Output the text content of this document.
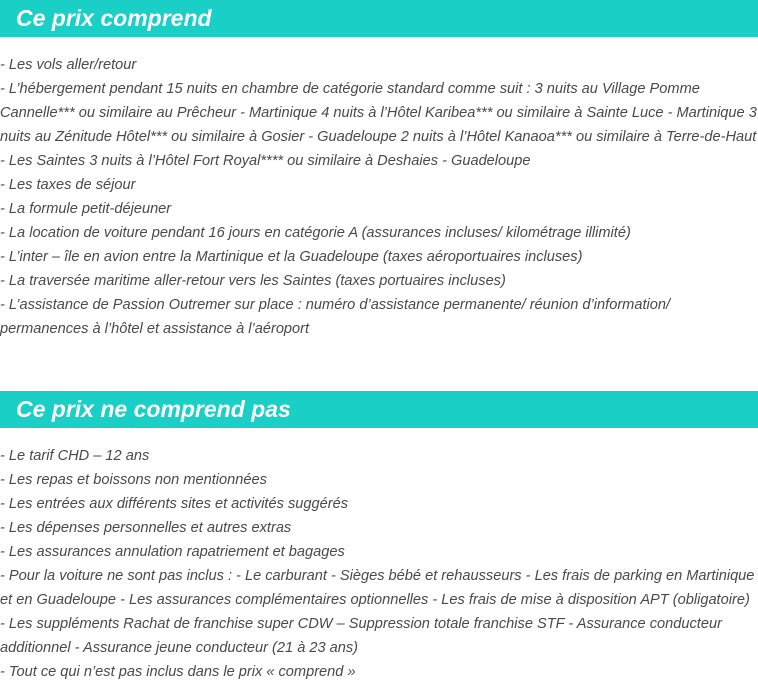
Ce prix comprend
- Les vols aller/retour
- L’hébergement pendant 15 nuits en chambre de catégorie standard comme suit : 3 nuits au Village Pomme Cannelle*** ou similaire au Prêcheur - Martinique 4 nuits à l’Hôtel Karibea*** ou similaire à Sainte Luce - Martinique 3 nuits au Zénitude Hôtel*** ou similaire à Gosier - Guadeloupe 2 nuits à l’Hôtel Kanaoa*** ou similaire à Terre-de-Haut - Les Saintes 3 nuits à l’Hôtel Fort Royal**** ou similaire à Deshaies - Guadeloupe
- Les taxes de séjour
- La formule petit-déjeuner
- La location de voiture pendant 16 jours en catégorie A (assurances incluses/ kilométrage illimité)
- L’inter – île en avion entre la Martinique et la Guadeloupe (taxes aéroportuaires incluses)
- La traversée maritime aller-retour vers les Saintes (taxes portuaires incluses)
- L’assistance de Passion Outremer sur place : numéro d’assistance permanente/ réunion d’information/ permanences à l’hôtel et assistance à l’aéroport
Ce prix ne comprend pas
- Le tarif CHD – 12 ans
- Les repas et boissons non mentionnées
- Les entrées aux différents sites et activités suggérés
- Les dépenses personnelles et autres extras
- Les assurances annulation rapatriement et bagages
- Pour la voiture ne sont pas inclus : - Le carburant - Sièges bébé et rehausseurs - Les frais de parking en Martinique et en Guadeloupe - Les assurances complémentaires optionnelles - Les frais de mise à disposition APT (obligatoire) - Les suppléments Rachat de franchise super CDW – Suppression totale franchise STF - Assurance conducteur additionnel - Assurance jeune conducteur (21 à 23 ans)
- Tout ce qui n’est pas inclus dans le prix « comprend »
